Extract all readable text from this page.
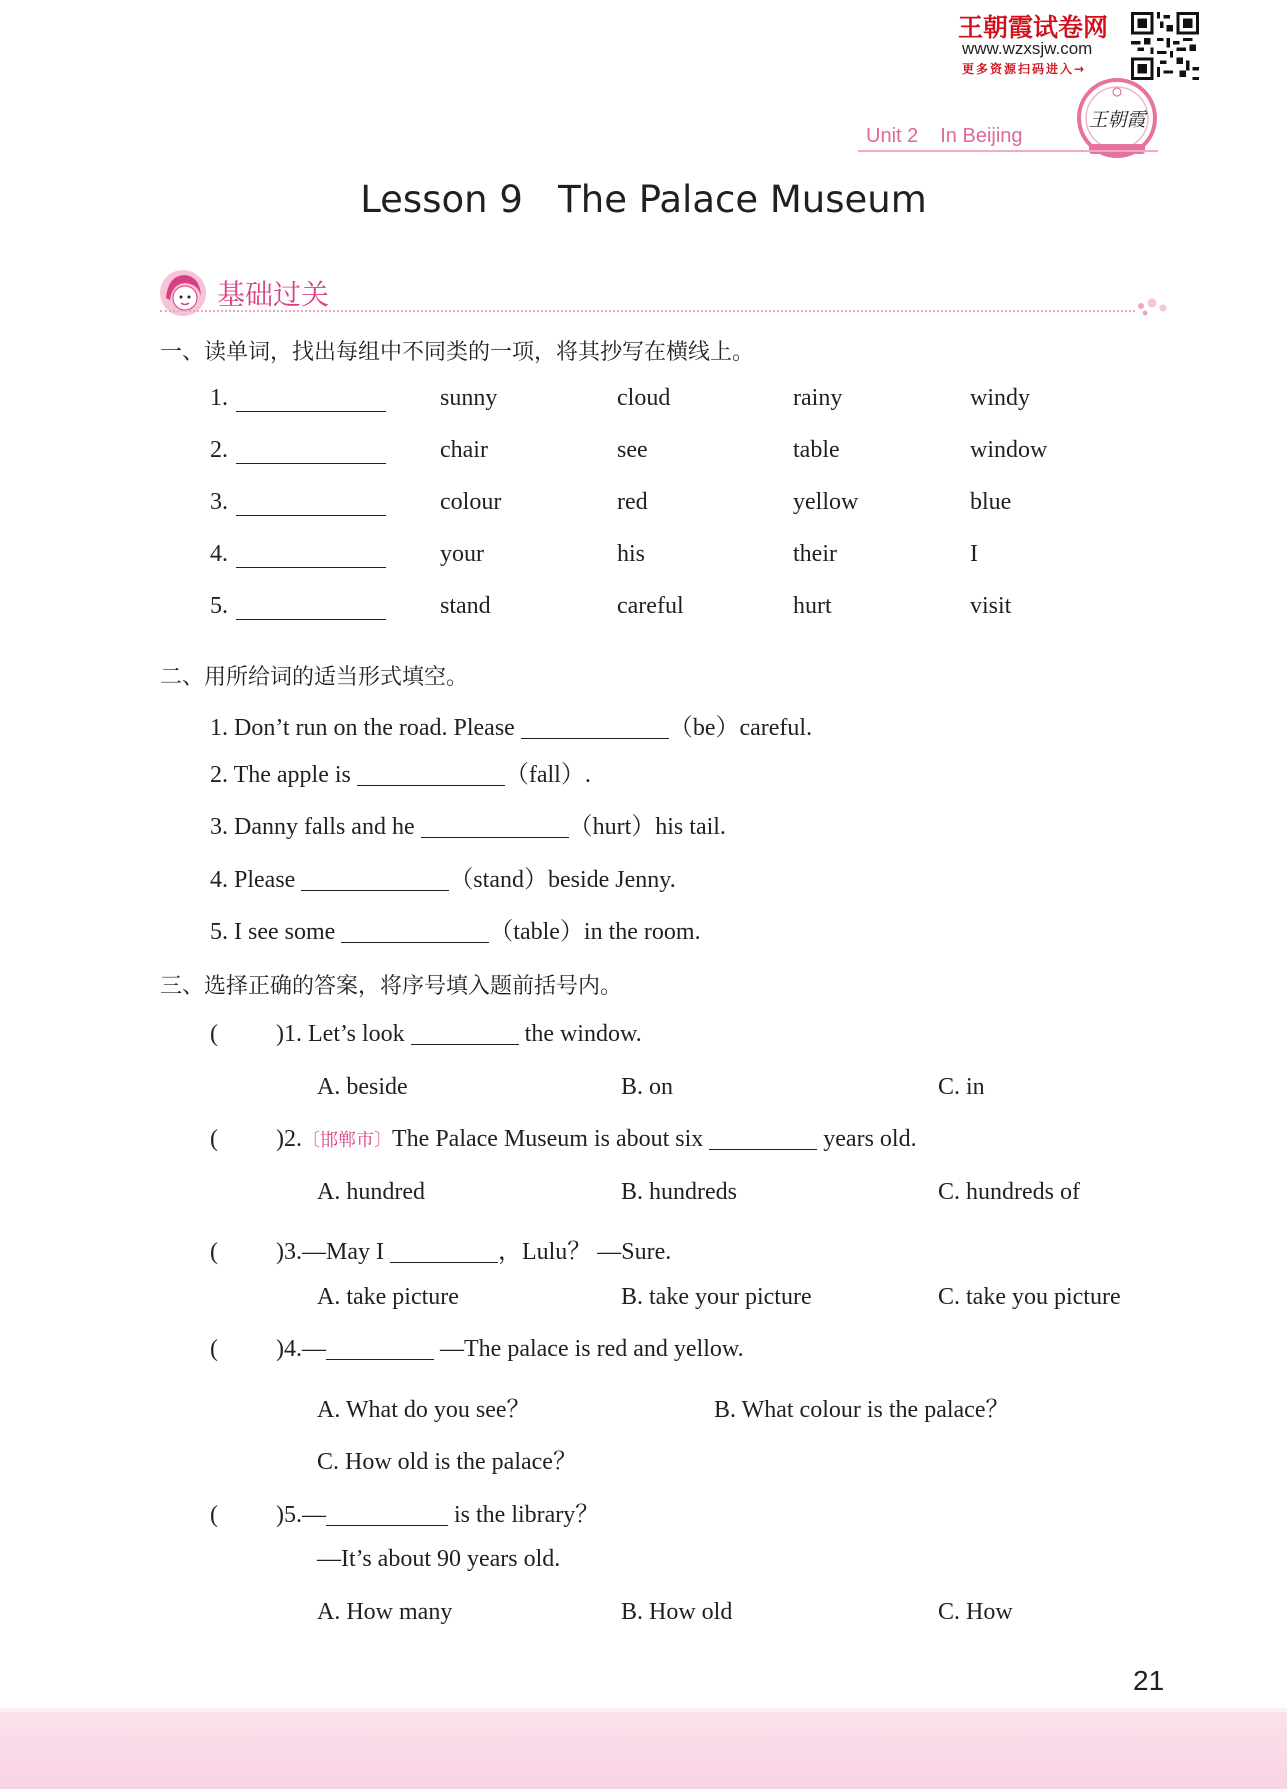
王朝霞试卷网
www.wzxsjw.com
更多资源扫码进入→
王朝霞
Unit 2 In Beijing
Lesson 9   The Palace Museum
基础过关
一、读单词，找出每组中不同类的一项，将其抄写在横线上。
1.	sunny	cloud	rainy	windy
2.	chair	see	table	window
3.	colour	red	yellow	blue
4.	your	his	their	I
5.	stand	careful	hurt	visit
二、用所给词的适当形式填空。
1. Don’t run on the road. Please	（be）careful.
2. The apple is	（fall）.
3. Danny falls and he	（hurt）his tail.
4. Please	（stand）beside Jenny.
5. I see some	（table）in the room.
三、选择正确的答案，将序号填入题前括号内。
( )1. Let’s look	the window.
A. beside	B. on	C. in
( )2.〔邯郸市〕The Palace Museum is about six	years old.
A. hundred	B. hundreds	C. hundreds of
( )3.—May I	，Lulu？ —Sure.
A. take picture	B. take your picture	C. take you picture
( )4.—	—The palace is red and yellow.
A. What do you see？	B. What colour is the palace？
C. How old is the palace？
( )5.—	is the library？
—It’s about 90 years old.
A. How many	B. How old	C. How
21
